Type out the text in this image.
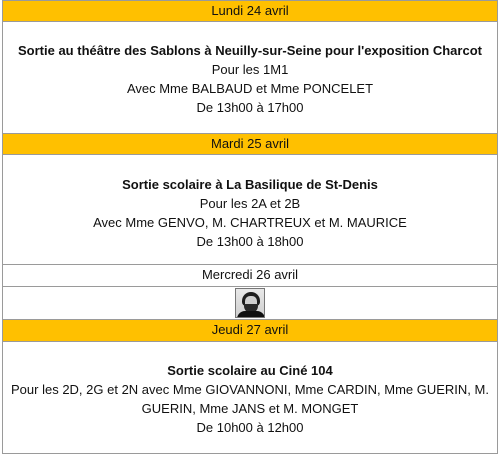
Lundi 24 avril
Sortie au théâtre des Sablons à Neuilly-sur-Seine pour l'exposition Charcot
Pour les 1M1
Avec Mme BALBAUD et Mme PONCELET
De 13h00 à 17h00
Mardi 25 avril
Sortie scolaire à La Basilique de St-Denis
Pour les 2A et 2B
Avec Mme GENVO, M. CHARTREUX et M. MAURICE
De 13h00 à 18h00
Mercredi 26 avril
Jeudi 27 avril
Sortie scolaire au Ciné 104
Pour les 2D, 2G et 2N avec Mme GIOVANNONI, Mme CARDIN, Mme GUERIN, M.
GUERIN, Mme JANS et M. MONGET
De 10h00 à 12h00
